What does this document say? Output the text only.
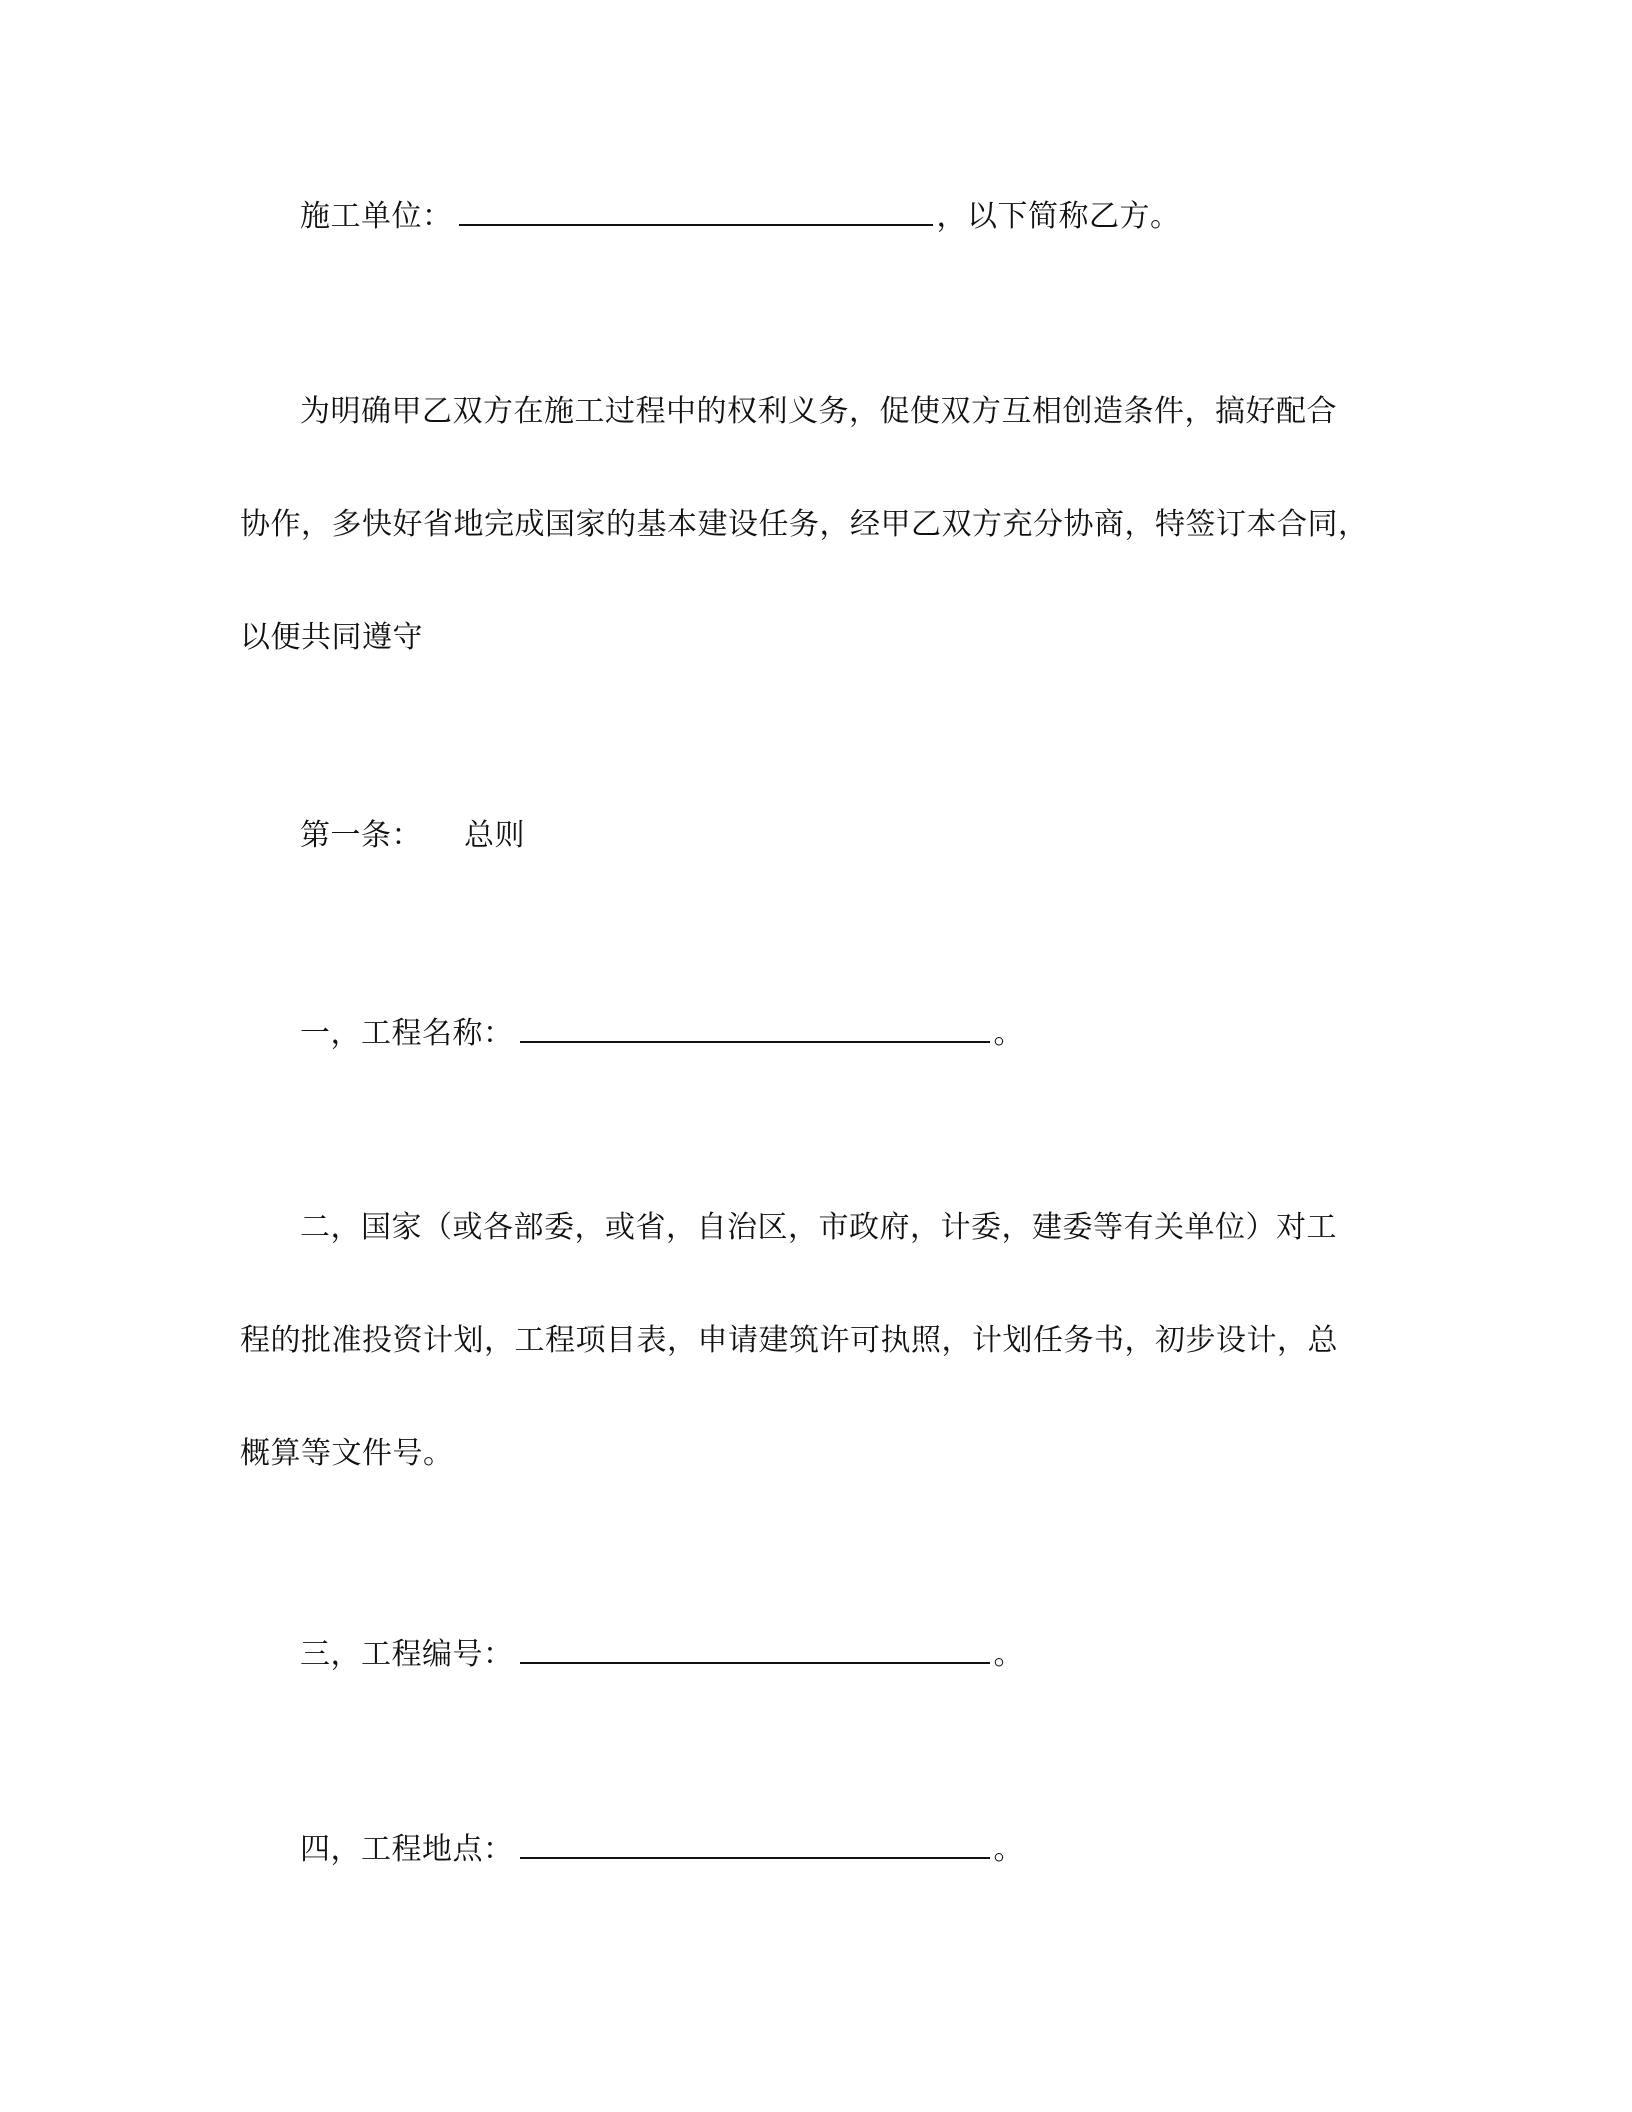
施工单位：	，以下简称乙方。
为明确甲乙双方在施工过程中的权利义务，促使双方互相创造条件，搞好配合
协作，多快好省地完成国家的基本建设任务，经甲乙双方充分协商，特签订本合同，
以便共同遵守
第一条： 总则
一，工程名称：	。
二，国家（或各部委，或省，自治区，市政府，计委，建委等有关单位）对工
程的批准投资计划，工程项目表，申请建筑许可执照，计划任务书，初步设计，总
概算等文件号。
三，工程编号：	。
四，工程地点：	。
